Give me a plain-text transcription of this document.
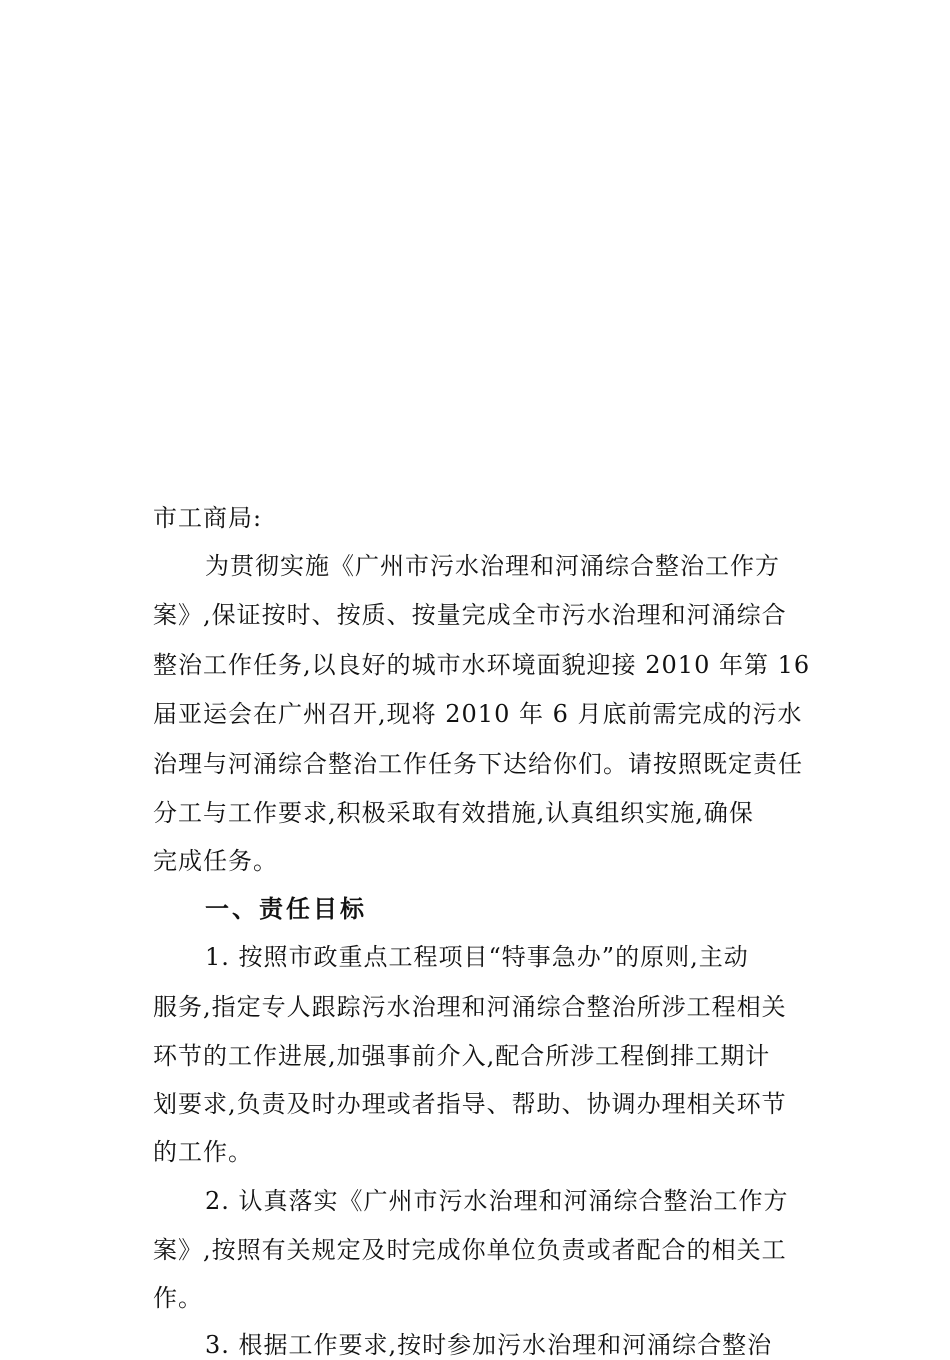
市工商局:
为贯彻实施《广州市污水治理和河涌综合整治工作方
案》,保证按时、按质、按量完成全市污水治理和河涌综合
整治工作任务,以良好的城市水环境面貌迎接 2010 年第 16
届亚运会在广州召开,现将 2010 年 6 月底前需完成的污水
治理与河涌综合整治工作任务下达给你们。请按照既定责任
分工与工作要求,积极采取有效措施,认真组织实施,确保
完成任务。
一、责任目标
1. 按照市政重点工程项目“特事急办”的原则,主动
服务,指定专人跟踪污水治理和河涌综合整治所涉工程相关
环节的工作进展,加强事前介入,配合所涉工程倒排工期计
划要求,负责及时办理或者指导、帮助、协调办理相关环节
的工作。
2. 认真落实《广州市污水治理和河涌综合整治工作方
案》,按照有关规定及时完成你单位负责或者配合的相关工
作。
3. 根据工作要求,按时参加污水治理和河涌综合整治
